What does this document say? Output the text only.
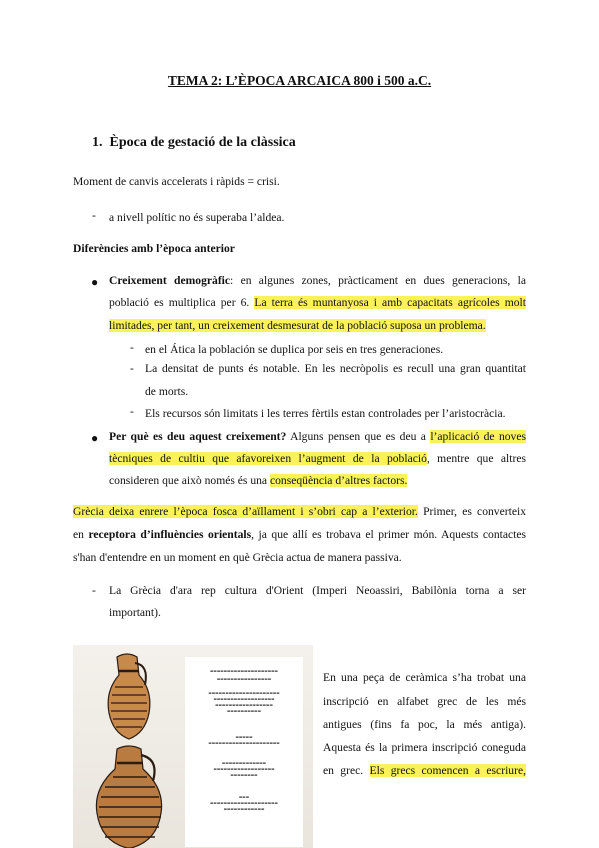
TEMA 2: L’ÈPOCA ARCAICA 800 i 500 a.C.
1. Època de gestació de la clàssica
Moment de canvis accelerats i ràpids = crisi.
- a nivell polític no és superaba l’aldea.
Diferències amb l’època anterior
● Creixement demogràfic: en algunes zones, pràcticament en dues generacions, la
població es multiplica per 6. La terra és muntanyosa i amb capacitats agrícoles molt
limitades, per tant, un creixement desmesurat de la població suposa un problema.
- en el Ática la población se duplica por seis en tres generaciones.
- La densitat de punts és notable. En les necròpolis es recull una gran quantitat
de morts.
- Els recursos són limitats i les terres fèrtils estan controlades per l’aristocràcia.
● Per què es deu aquest creixement? Alguns pensen que es deu a l’aplicació de noves
tècniques de cultiu que afavoreixen l’augment de la població, mentre que altres
consideren que això només és una conseqüència d’altres factors.
Grècia deixa enrere l’època fosca d’aïllament i s’obri cap a l’exterior. Primer, es converteix
en receptora d’influències orientals, ja que allí es trobava el primer món. Aquests contactes
s'han d'entendre en un moment en què Grècia actua de manera passiva.
- La Grècia d'ara rep cultura d'Orient (Imperi Neoassiri, Babilònia torna a ser
important).
▬▬▬▬▬▬▬▬▬▬▬▬▬▬▬▬▬▬▬▬
▬▬▬▬▬▬▬▬▬▬▬▬▬▬▬▬
▬▬▬▬▬▬▬▬▬▬▬▬▬▬▬▬▬▬▬▬▬
▬▬▬▬▬▬▬▬▬▬▬▬▬▬▬▬▬▬
▬▬▬▬▬▬▬▬▬▬▬▬▬▬▬▬▬
▬▬▬▬▬▬▬▬▬▬
▬▬▬▬▬
▬▬▬▬▬▬▬▬▬▬▬▬▬▬▬▬▬▬▬▬▬
▬▬▬▬▬▬▬▬▬▬▬▬▬
▬▬▬▬▬▬▬▬▬▬▬▬▬▬▬▬▬▬
▬▬▬▬▬▬▬▬
▬▬▬
▬▬▬▬▬▬▬▬▬▬▬▬▬▬▬▬▬▬▬▬
▬▬▬▬▬▬▬▬▬▬▬▬
En una peça de ceràmica s’ha trobat una
inscripció en alfabet grec de les més
antigues (fins fa poc, la més antiga).
Aquesta és la primera inscripció coneguda
en grec. Els grecs comencen a escriure,
